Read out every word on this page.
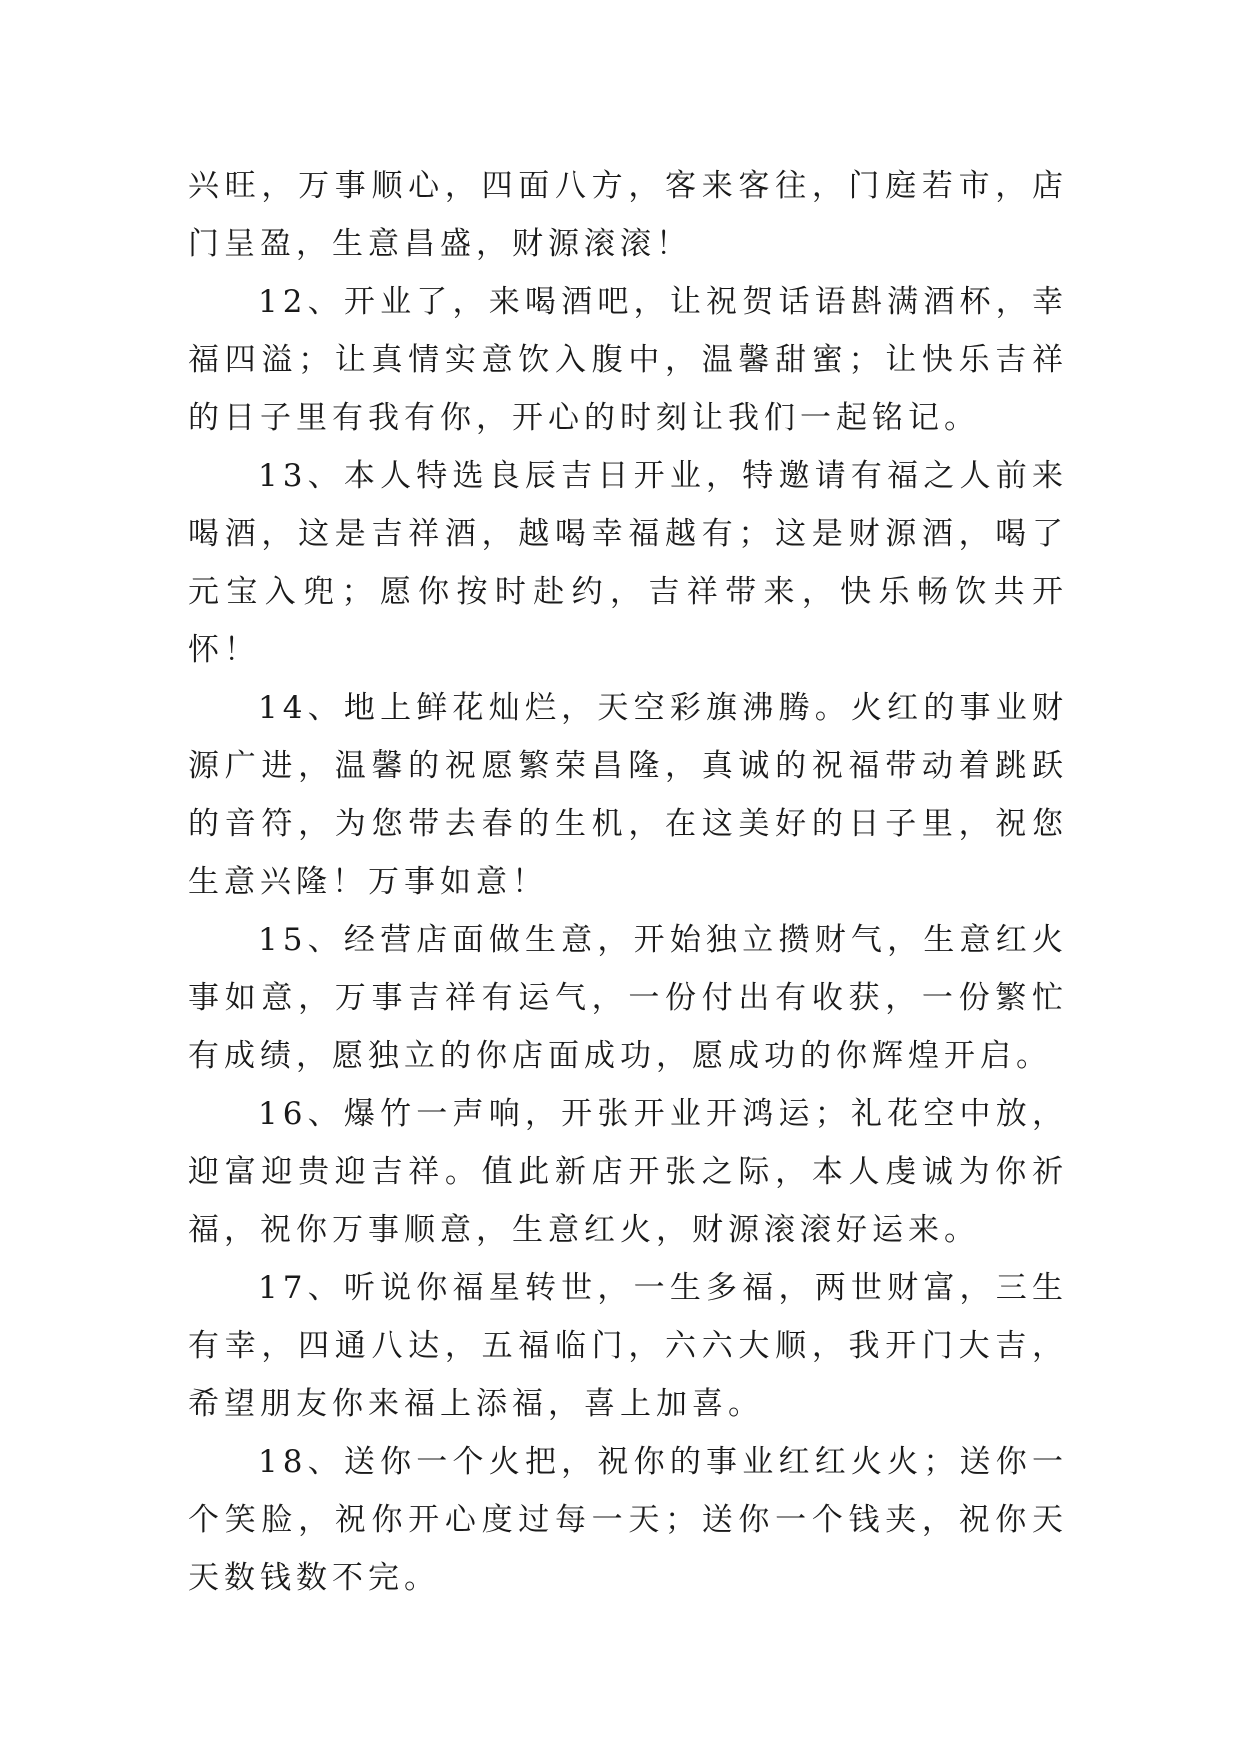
兴旺，万事顺心，四面八方，客来客往，门庭若市，店门呈盈，生意昌盛，财源滚滚！

12、开业了，来喝酒吧，让祝贺话语斟满酒杯，幸福四溢；让真情实意饮入腹中，温馨甜蜜；让快乐吉祥的日子里有我有你，开心的时刻让我们一起铭记。

13、本人特选良辰吉日开业，特邀请有福之人前来喝酒，这是吉祥酒，越喝幸福越有；这是财源酒，喝了元宝入兜；愿你按时赴约，吉祥带来，快乐畅饮共开怀！

14、地上鲜花灿烂，天空彩旗沸腾。火红的事业财源广进，温馨的祝愿繁荣昌隆，真诚的祝福带动着跳跃的音符，为您带去春的生机，在这美好的日子里，祝您生意兴隆！万事如意！

15、经营店面做生意，开始独立攒财气，生意红火事如意，万事吉祥有运气，一份付出有收获，一份繁忙有成绩，愿独立的你店面成功，愿成功的你辉煌开启。

16、爆竹一声响，开张开业开鸿运；礼花空中放，迎富迎贵迎吉祥。值此新店开张之际，本人虔诚为你祈福，祝你万事顺意，生意红火，财源滚滚好运来。

17、听说你福星转世，一生多福，两世财富，三生有幸，四通八达，五福临门，六六大顺，我开门大吉，希望朋友你来福上添福，喜上加喜。

18、送你一个火把，祝你的事业红红火火；送你一个笑脸，祝你开心度过每一天；送你一个钱夹，祝你天天数钱数不完。
